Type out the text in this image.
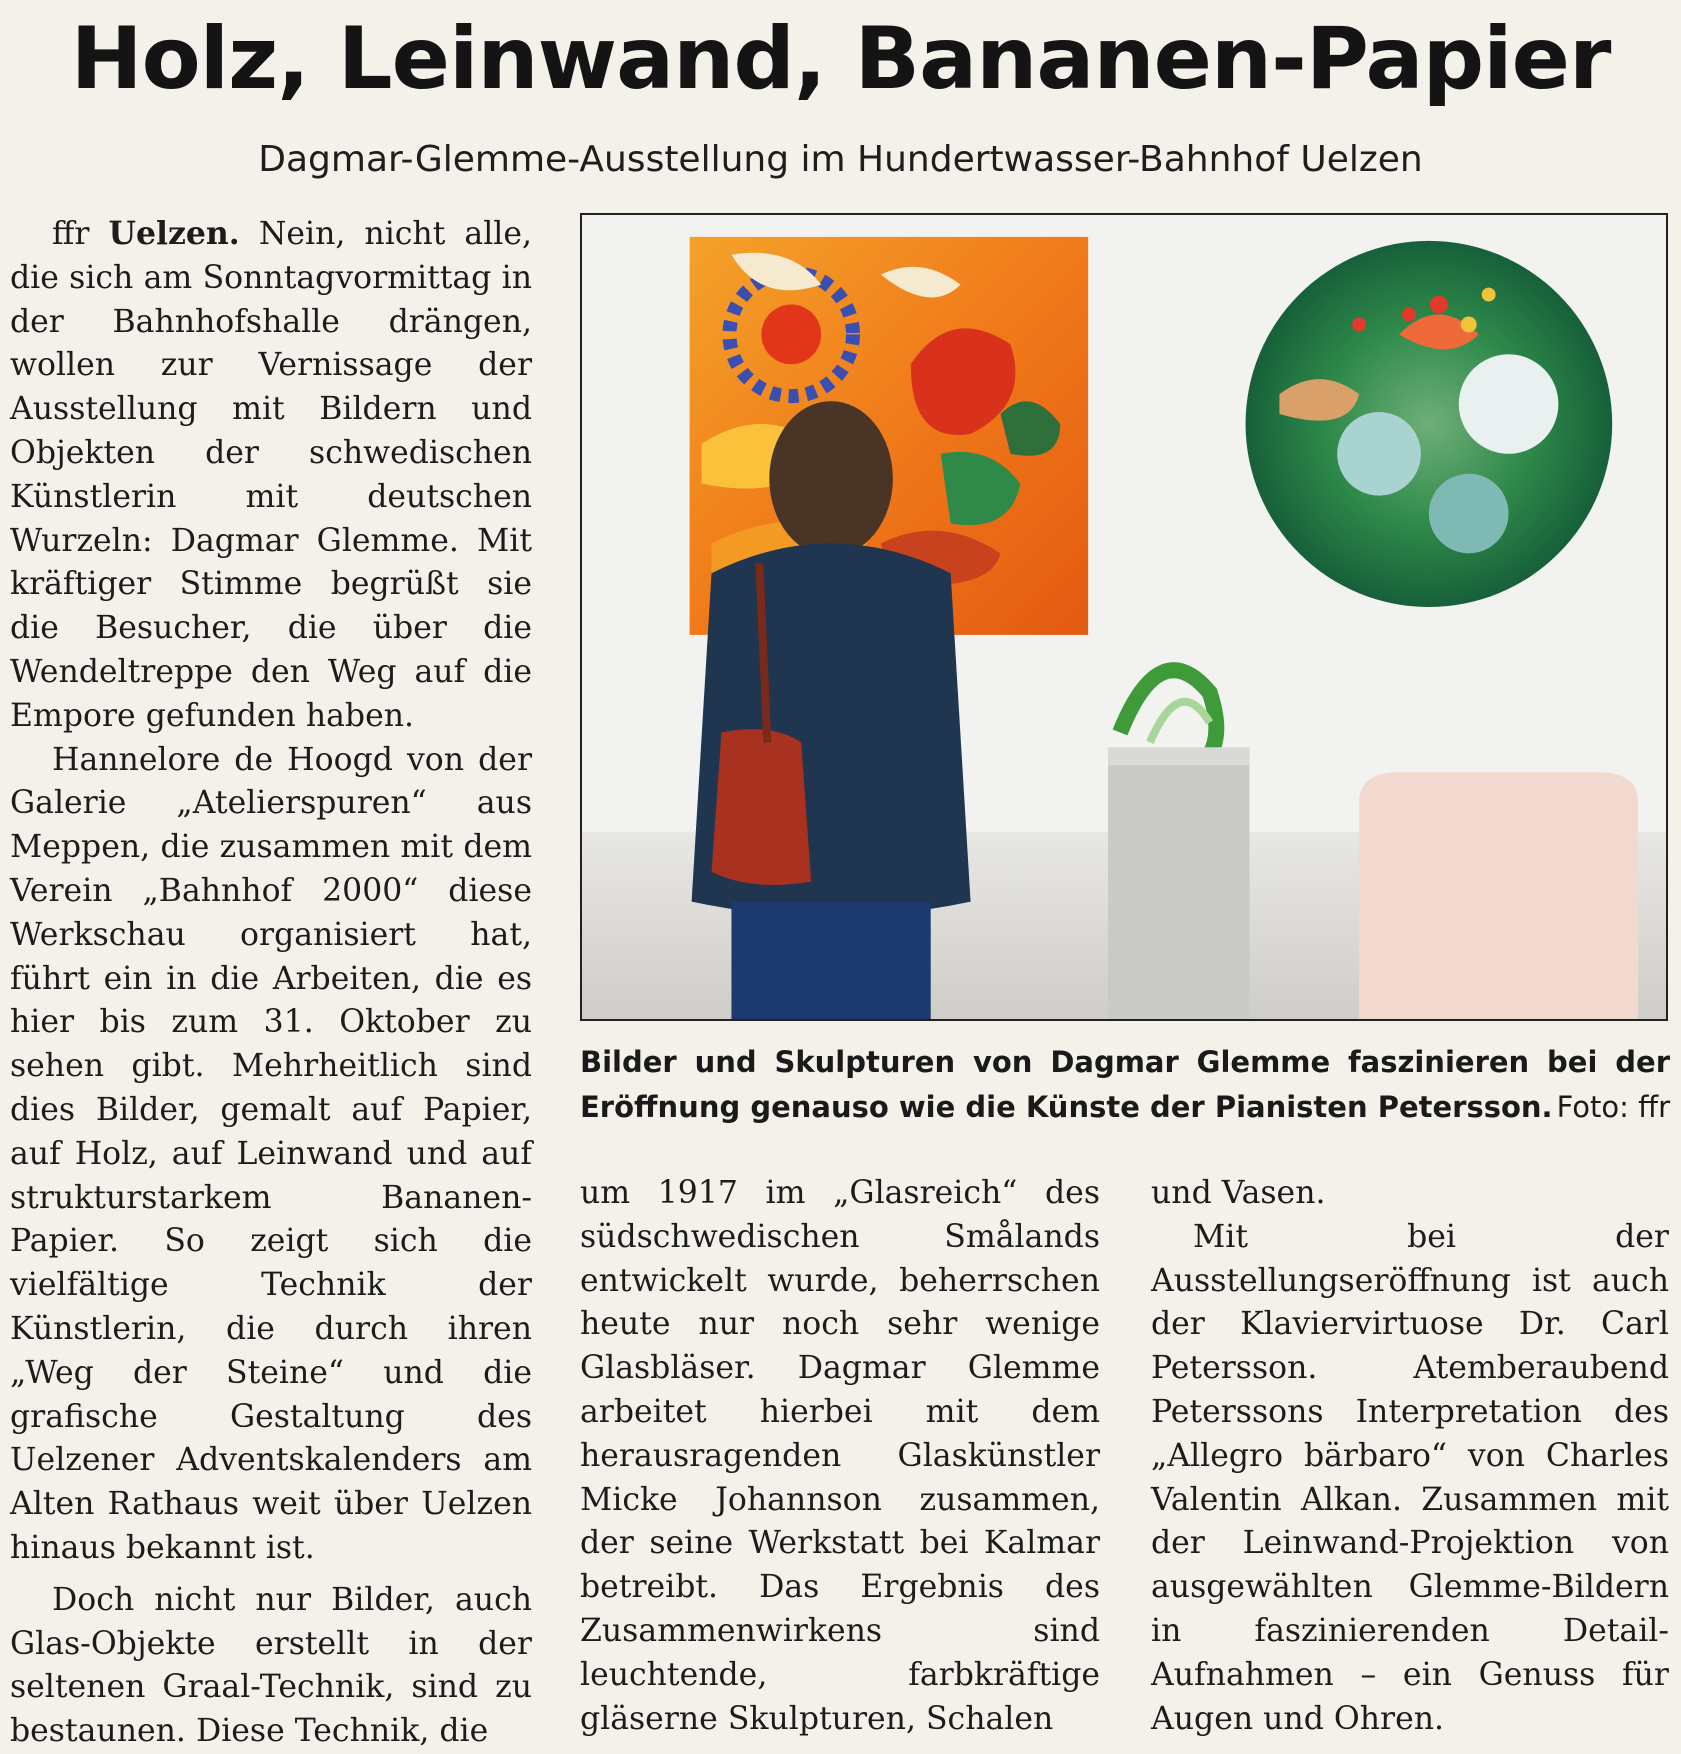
Holz, Leinwand, Bananen-Papier
Dagmar-Glemme-Ausstellung im Hundertwasser-Bahnhof Uelzen

ffr Uelzen. Nein, nicht alle, die sich am Sonntagvormittag in der Bahnhofshalle drängen, wollen zur Vernissage der Ausstellung mit Bildern und Objekten der schwedischen Künstlerin mit deutschen Wurzeln: Dagmar Glemme. Mit kräftiger Stimme begrüßt sie die Besucher, die über die Wendeltreppe den Weg auf die Empore gefunden haben.

Hannelore de Hoogd von der Galerie „Atelierspuren“ aus Meppen, die zusammen mit dem Verein „Bahnhof 2000“ diese Werkschau organisiert hat, führt ein in die Arbeiten, die es hier bis zum 31. Oktober zu sehen gibt. Mehrheitlich sind dies Bilder, gemalt auf Papier, auf Holz, auf Leinwand und auf strukturstarkem Bananen-Papier. So zeigt sich die vielfältige Technik der Künstlerin, die durch ihren „Weg der Steine“ und die grafische Gestaltung des Uelzener Adventskalenders am Alten Rathaus weit über Uelzen hinaus bekannt ist.

Doch nicht nur Bilder, auch Glas-Objekte erstellt in der seltenen Graal-Technik, sind zu bestaunen. Diese Technik, die

Bilder und Skulpturen von Dagmar Glemme faszinieren bei der Eröffnung genauso wie die Künste der Pianisten Petersson. Foto: ffr

um 1917 im „Glasreich“ des südschwedischen Smålands entwickelt wurde, beherrschen heute nur noch sehr wenige Glasbläser. Dagmar Glemme arbeitet hierbei mit dem herausragenden Glaskünstler Micke Johannson zusammen, der seine Werkstatt bei Kalmar betreibt. Das Ergebnis des Zusammenwirkens sind leuchtende, farbkräftige gläserne Skulpturen, Schalen

und Vasen.

Mit bei der Ausstellungseröffnung ist auch der Klaviervirtuose Dr. Carl Petersson. Atemberaubend Peterssons Interpretation des „Allegro bärbaro“ von Charles Valentin Alkan. Zusammen mit der Leinwand-Projektion von ausgewählten Glemme-Bildern in faszinierenden Detail-Aufnahmen – ein Genuss für Augen und Ohren.
